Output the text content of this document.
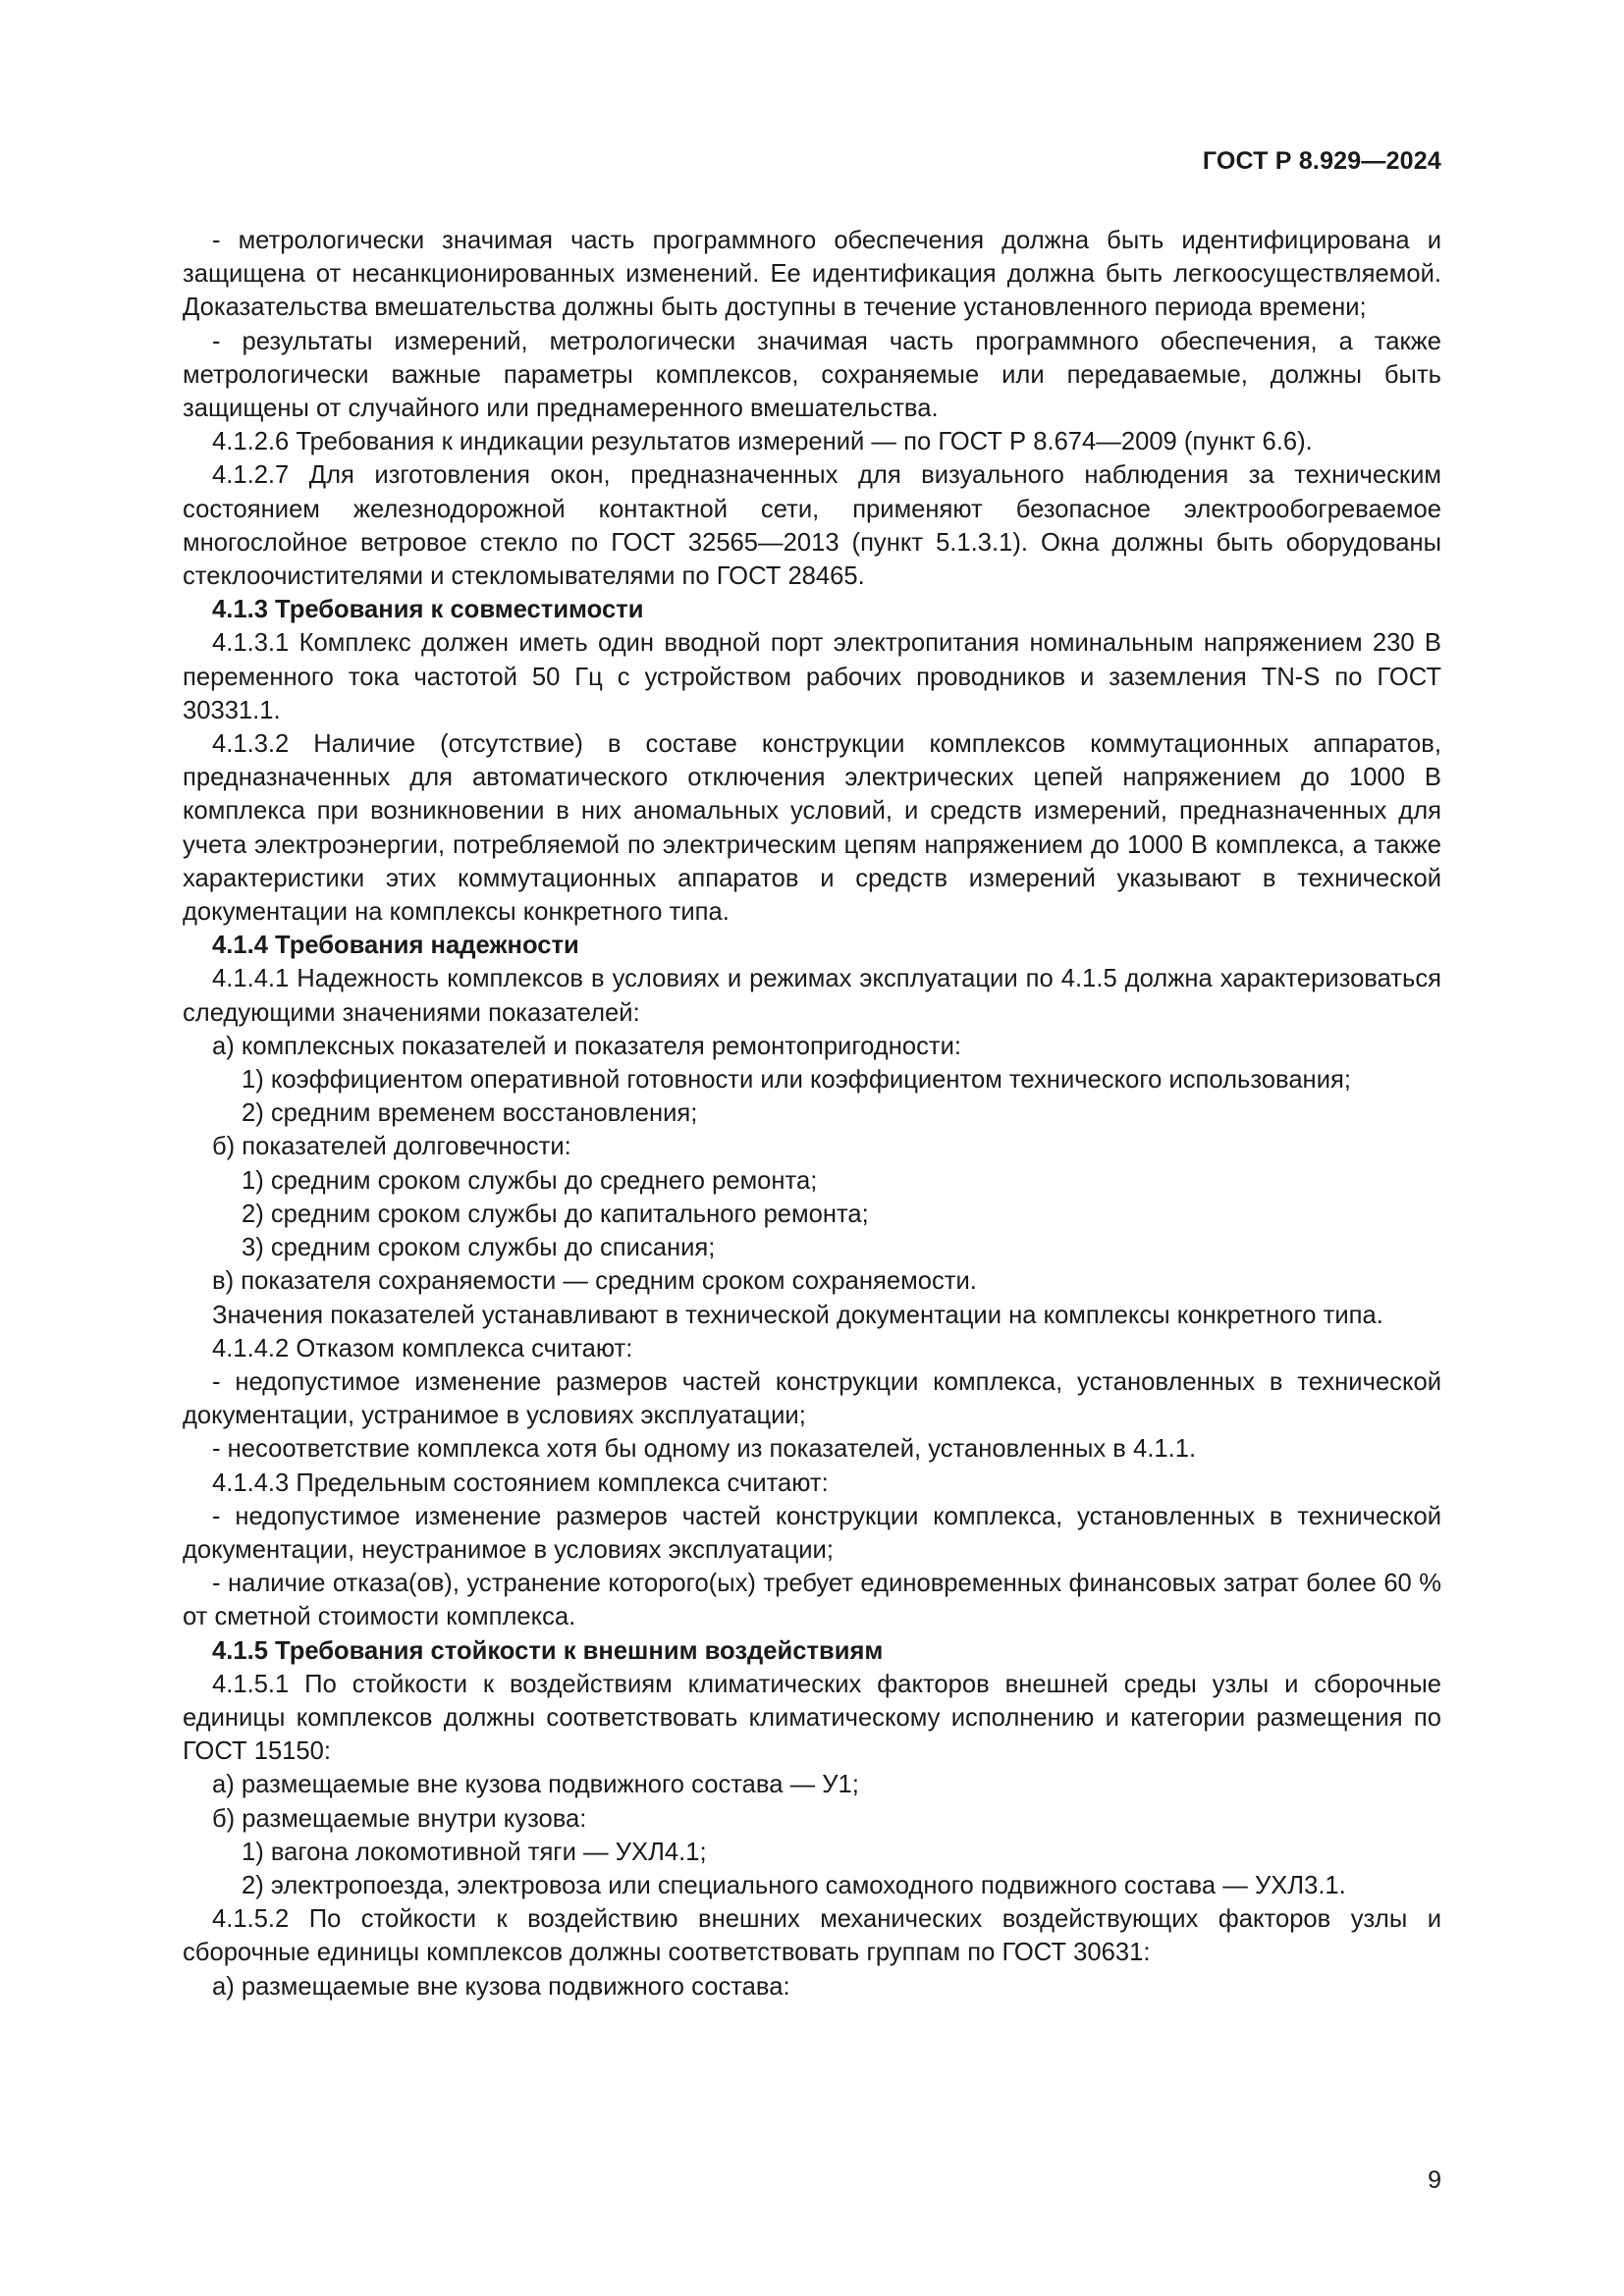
ГОСТ Р 8.929—2024

- метрологически значимая часть программного обеспечения должна быть идентифицирована и защищена от несанкционированных изменений. Ее идентификация должна быть легкоосуществляемой. Доказательства вмешательства должны быть доступны в течение установленного периода времени;

- результаты измерений, метрологически значимая часть программного обеспечения, а также метрологически важные параметры комплексов, сохраняемые или передаваемые, должны быть защищены от случайного или преднамеренного вмешательства.

4.1.2.6 Требования к индикации результатов измерений — по ГОСТ Р 8.674—2009 (пункт 6.6).

4.1.2.7 Для изготовления окон, предназначенных для визуального наблюдения за техническим состоянием железнодорожной контактной сети, применяют безопасное электрообогреваемое многослойное ветровое стекло по ГОСТ 32565—2013 (пункт 5.1.3.1). Окна должны быть оборудованы стеклоочистителями и стекломывателями по ГОСТ 28465.

4.1.3 Требования к совместимости

4.1.3.1 Комплекс должен иметь один вводной порт электропитания номинальным напряжением 230 В переменного тока частотой 50 Гц с устройством рабочих проводников и заземления TN-S по ГОСТ 30331.1.

4.1.3.2 Наличие (отсутствие) в составе конструкции комплексов коммутационных аппаратов, предназначенных для автоматического отключения электрических цепей напряжением до 1000 В комплекса при возникновении в них аномальных условий, и средств измерений, предназначенных для учета электроэнергии, потребляемой по электрическим цепям напряжением до 1000 В комплекса, а также характеристики этих коммутационных аппаратов и средств измерений указывают в технической документации на комплексы конкретного типа.

4.1.4 Требования надежности

4.1.4.1 Надежность комплексов в условиях и режимах эксплуатации по 4.1.5 должна характеризоваться следующими значениями показателей:

а) комплексных показателей и показателя ремонтопригодности:

1) коэффициентом оперативной готовности или коэффициентом технического использования;

2) средним временем восстановления;

б) показателей долговечности:

1) средним сроком службы до среднего ремонта;

2) средним сроком службы до капитального ремонта;

3) средним сроком службы до списания;

в) показателя сохраняемости — средним сроком сохраняемости.

Значения показателей устанавливают в технической документации на комплексы конкретного типа.

4.1.4.2 Отказом комплекса считают:

- недопустимое изменение размеров частей конструкции комплекса, установленных в технической документации, устранимое в условиях эксплуатации;

- несоответствие комплекса хотя бы одному из показателей, установленных в 4.1.1.

4.1.4.3 Предельным состоянием комплекса считают:

- недопустимое изменение размеров частей конструкции комплекса, установленных в технической документации, неустранимое в условиях эксплуатации;

- наличие отказа(ов), устранение которого(ых) требует единовременных финансовых затрат более 60 % от сметной стоимости комплекса.

4.1.5 Требования стойкости к внешним воздействиям

4.1.5.1 По стойкости к воздействиям климатических факторов внешней среды узлы и сборочные единицы комплексов должны соответствовать климатическому исполнению и категории размещения по ГОСТ 15150:

а) размещаемые вне кузова подвижного состава — У1;

б) размещаемые внутри кузова:

1) вагона локомотивной тяги — УХЛ4.1;

2) электропоезда, электровоза или специального самоходного подвижного состава — УХЛ3.1.

4.1.5.2 По стойкости к воздействию внешних механических воздействующих факторов узлы и сборочные единицы комплексов должны соответствовать группам по ГОСТ 30631:

а) размещаемые вне кузова подвижного состава:

9
